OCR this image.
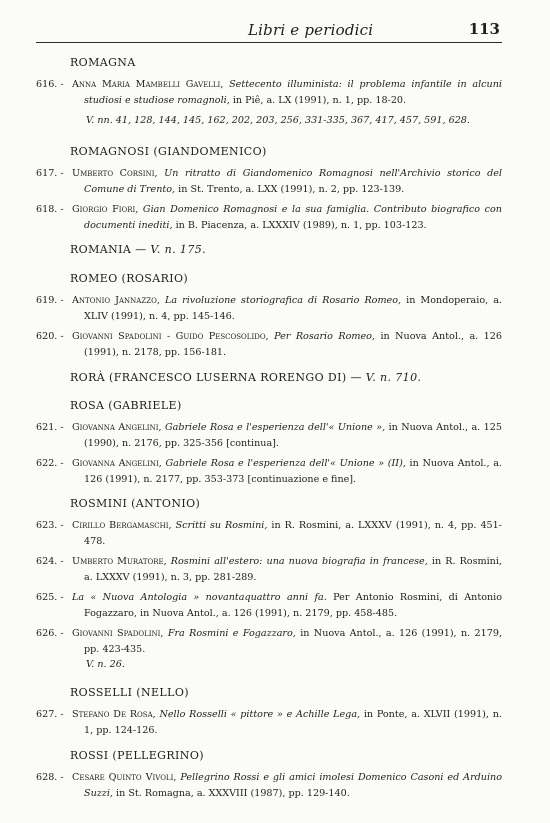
Libri e periodici	113
ROMAGNA
616. - Anna Maria Mambelli Gavelli, Settecento illuminista: il problema infantile in alcuni studiosi e studiose romagnoli, in Piê, a. LX (1991), n. 1, pp. 18-20.
V. nn. 41, 128, 144, 145, 162, 202, 203, 256, 331-335, 367, 417, 457, 591, 628.
ROMAGNOSI (GIANDOMENICO)
617. - Umberto Corsini, Un ritratto di Giandomenico Romagnosi nell'Archivio storico del Comune di Trento, in St. Trento, a. LXX (1991), n. 2, pp. 123-139.
618. - Giorgio Fiori, Gian Domenico Romagnosi e la sua famiglia. Contributo biografico con documenti inediti, in B. Piacenza, a. LXXXIV (1989), n. 1, pp. 103-123.
ROMANIA — V. n. 175.
ROMEO (ROSARIO)
619. - Antonio Jannazzo, La rivoluzione storiografica di Rosario Romeo, in Mondoperaio, a. XLIV (1991), n. 4, pp. 145-146.
620. - Giovanni Spadolini - Guido Pescosolido, Per Rosario Romeo, in Nuova Antol., a. 126 (1991), n. 2178, pp. 156-181.
RORÀ (FRANCESCO LUSERNA RORENGO DI) — V. n. 710.
ROSA (GABRIELE)
621. - Giovanna Angelini, Gabriele Rosa e l'esperienza dell'« Unione », in Nuova Antol., a. 125 (1990), n. 2176, pp. 325-356 [continua].
622. - Giovanna Angelini, Gabriele Rosa e l'esperienza dell'« Unione » (II), in Nuova Antol., a. 126 (1991), n. 2177, pp. 353-373 [continuazione e fine].
ROSMINI (ANTONIO)
623. - Cirillo Bergamaschi, Scritti su Rosmini, in R. Rosmini, a. LXXXV (1991), n. 4, pp. 451-478.
624. - Umberto Muratore, Rosmini all'estero: una nuova biografia in francese, in R. Rosmini, a. LXXXV (1991), n. 3, pp. 281-289.
625. - La « Nuova Antologia » novantaquattro anni fa. Per Antonio Rosmini, di Antonio Fogazzaro, in Nuova Antol., a. 126 (1991), n. 2179, pp. 458-485.
626. - Giovanni Spadolini, Fra Rosmini e Fogazzaro, in Nuova Antol., a. 126 (1991), n. 2179, pp. 423-435.
V. n. 26.
ROSSELLI (NELLO)
627. - Stefano De Rosa, Nello Rosselli « pittore » e Achille Lega, in Ponte, a. XLVII (1991), n. 1, pp. 124-126.
ROSSI (PELLEGRINO)
628. - Cesare Quinto Vivoli, Pellegrino Rossi e gli amici imolesi Domenico Casoni ed Arduino Suzzi, in St. Romagna, a. XXXVIII (1987), pp. 129-140.
